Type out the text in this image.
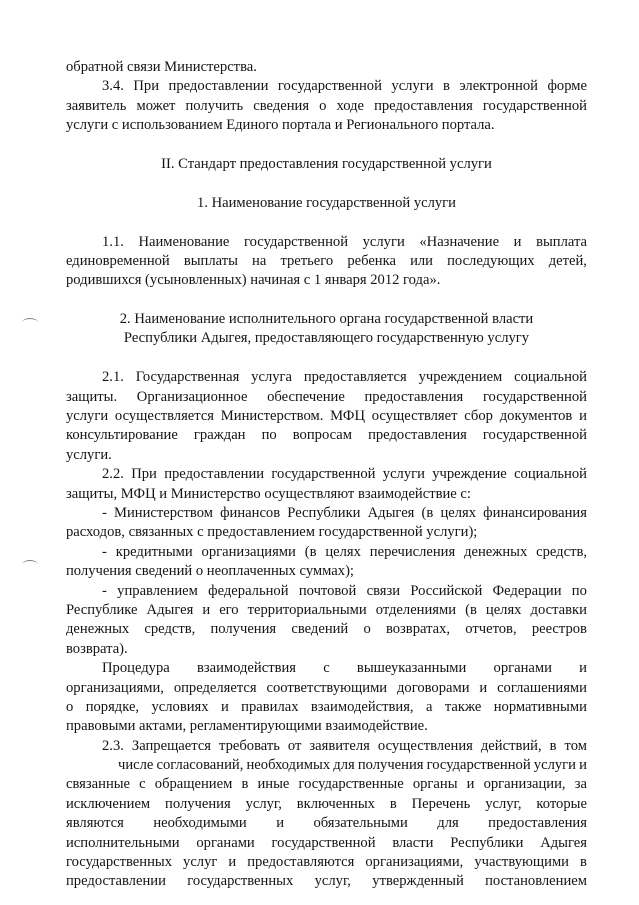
обратной связи Министерства.
3.4. При предоставлении государственной услуги в электронной форме
заявитель может получить сведения о ходе предоставления государственной
услуги с использованием Единого портала и Регионального портала.
II. Стандарт предоставления государственной услуги
1. Наименование государственной услуги
1.1. Наименование государственной услуги «Назначение и выплата
единовременной выплаты на третьего ребенка или последующих детей,
родившихся (усыновленных) начиная с 1 января 2012 года».
2. Наименование исполнительного органа государственной власти
Республики Адыгея, предоставляющего государственную услугу
2.1. Государственная услуга предоставляется учреждением социальной
защиты. Организационное обеспечение предоставления государственной
услуги осуществляется Министерством. МФЦ осуществляет сбор документов и
консультирование граждан по вопросам предоставления государственной
услуги.
2.2. При предоставлении государственной услуги учреждение социальной
защиты, МФЦ и Министерство осуществляют взаимодействие с:
- Министерством финансов Республики Адыгея (в целях финансирования
расходов, связанных с предоставлением государственной услуги);
- кредитными организациями (в целях перечисления денежных средств,
получения сведений о неоплаченных суммах);
- управлением федеральной почтовой связи Российской Федерации по
Республике Адыгея и его территориальными отделениями (в целях доставки
денежных средств, получения сведений о возвратах, отчетов, реестров
возврата).
Процедура взаимодействия с вышеуказанными органами и
организациями, определяется соответствующими договорами и соглашениями
о порядке, условиях и правилах взаимодействия, а также нормативными
правовыми актами, регламентирующими взаимодействие.
2.3. Запрещается требовать от заявителя осуществления действий, в том
числе согласований, необходимых для получения государственной услуги и
связанные с обращением в иные государственные органы и организации, за
исключением получения услуг, включенных в Перечень услуг, которые
являются необходимыми и обязательными для предоставления
исполнительными органами государственной власти Республики Адыгея
государственных услуг и предоставляются организациями, участвующими в
предоставлении государственных услуг, утвержденный постановлением
